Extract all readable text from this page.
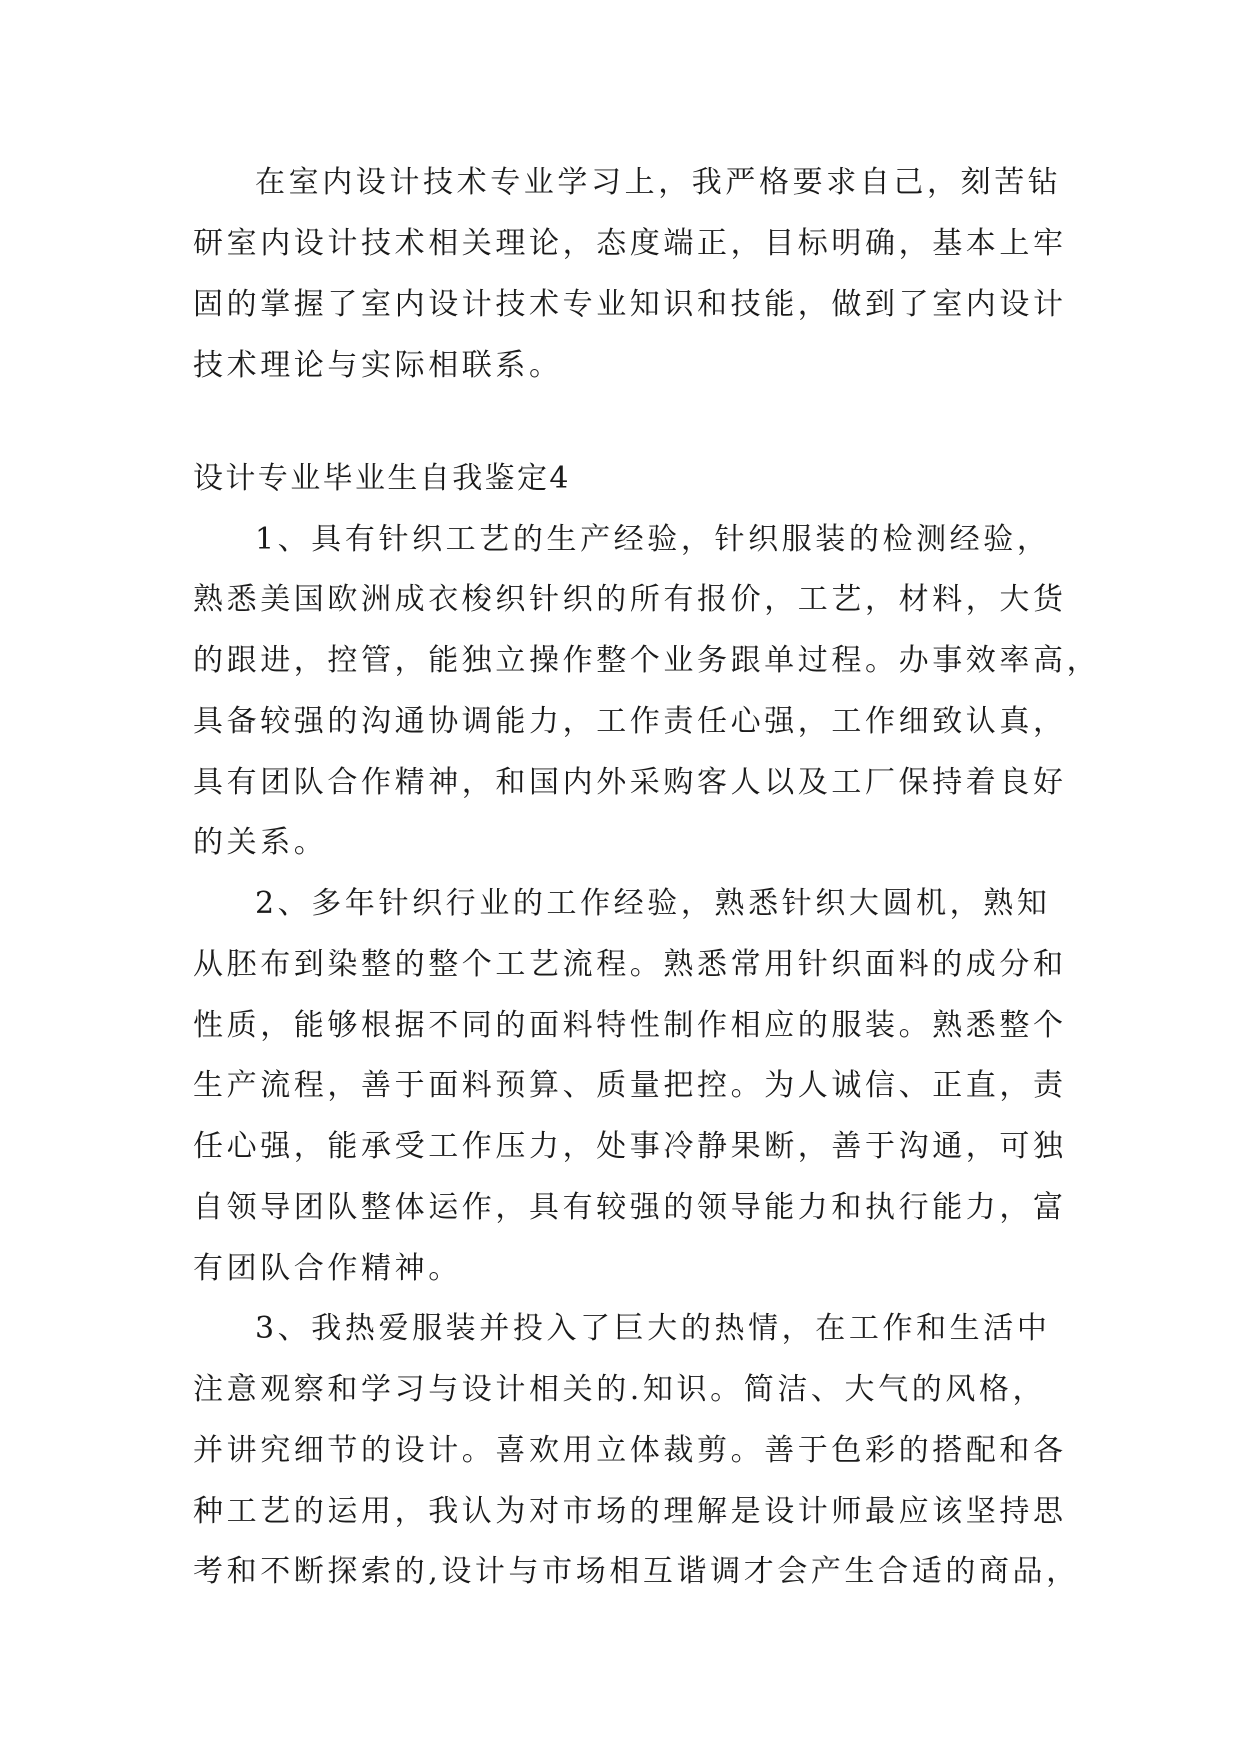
在室内设计技术专业学习上，我严格要求自己，刻苦钻
研室内设计技术相关理论，态度端正，目标明确，基本上牢
固的掌握了室内设计技术专业知识和技能，做到了室内设计
技术理论与实际相联系。
设计专业毕业生自我鉴定4
1、具有针织工艺的生产经验，针织服装的检测经验，
熟悉美国欧洲成衣梭织针织的所有报价，工艺，材料，大货
的跟进，控管，能独立操作整个业务跟单过程。办事效率高，
具备较强的沟通协调能力，工作责任心强，工作细致认真，
具有团队合作精神，和国内外采购客人以及工厂保持着良好
的关系。
2、多年针织行业的工作经验，熟悉针织大圆机，熟知
从胚布到染整的整个工艺流程。熟悉常用针织面料的成分和
性质，能够根据不同的面料特性制作相应的服装。熟悉整个
生产流程，善于面料预算、质量把控。为人诚信、正直，责
任心强，能承受工作压力，处事冷静果断，善于沟通，可独
自领导团队整体运作，具有较强的领导能力和执行能力，富
有团队合作精神。
3、我热爱服装并投入了巨大的热情，在工作和生活中
注意观察和学习与设计相关的.知识。简洁、大气的风格，
并讲究细节的设计。喜欢用立体裁剪。善于色彩的搭配和各
种工艺的运用，我认为对市场的理解是设计师最应该坚持思
考和不断探索的,设计与市场相互谐调才会产生合适的商品，
